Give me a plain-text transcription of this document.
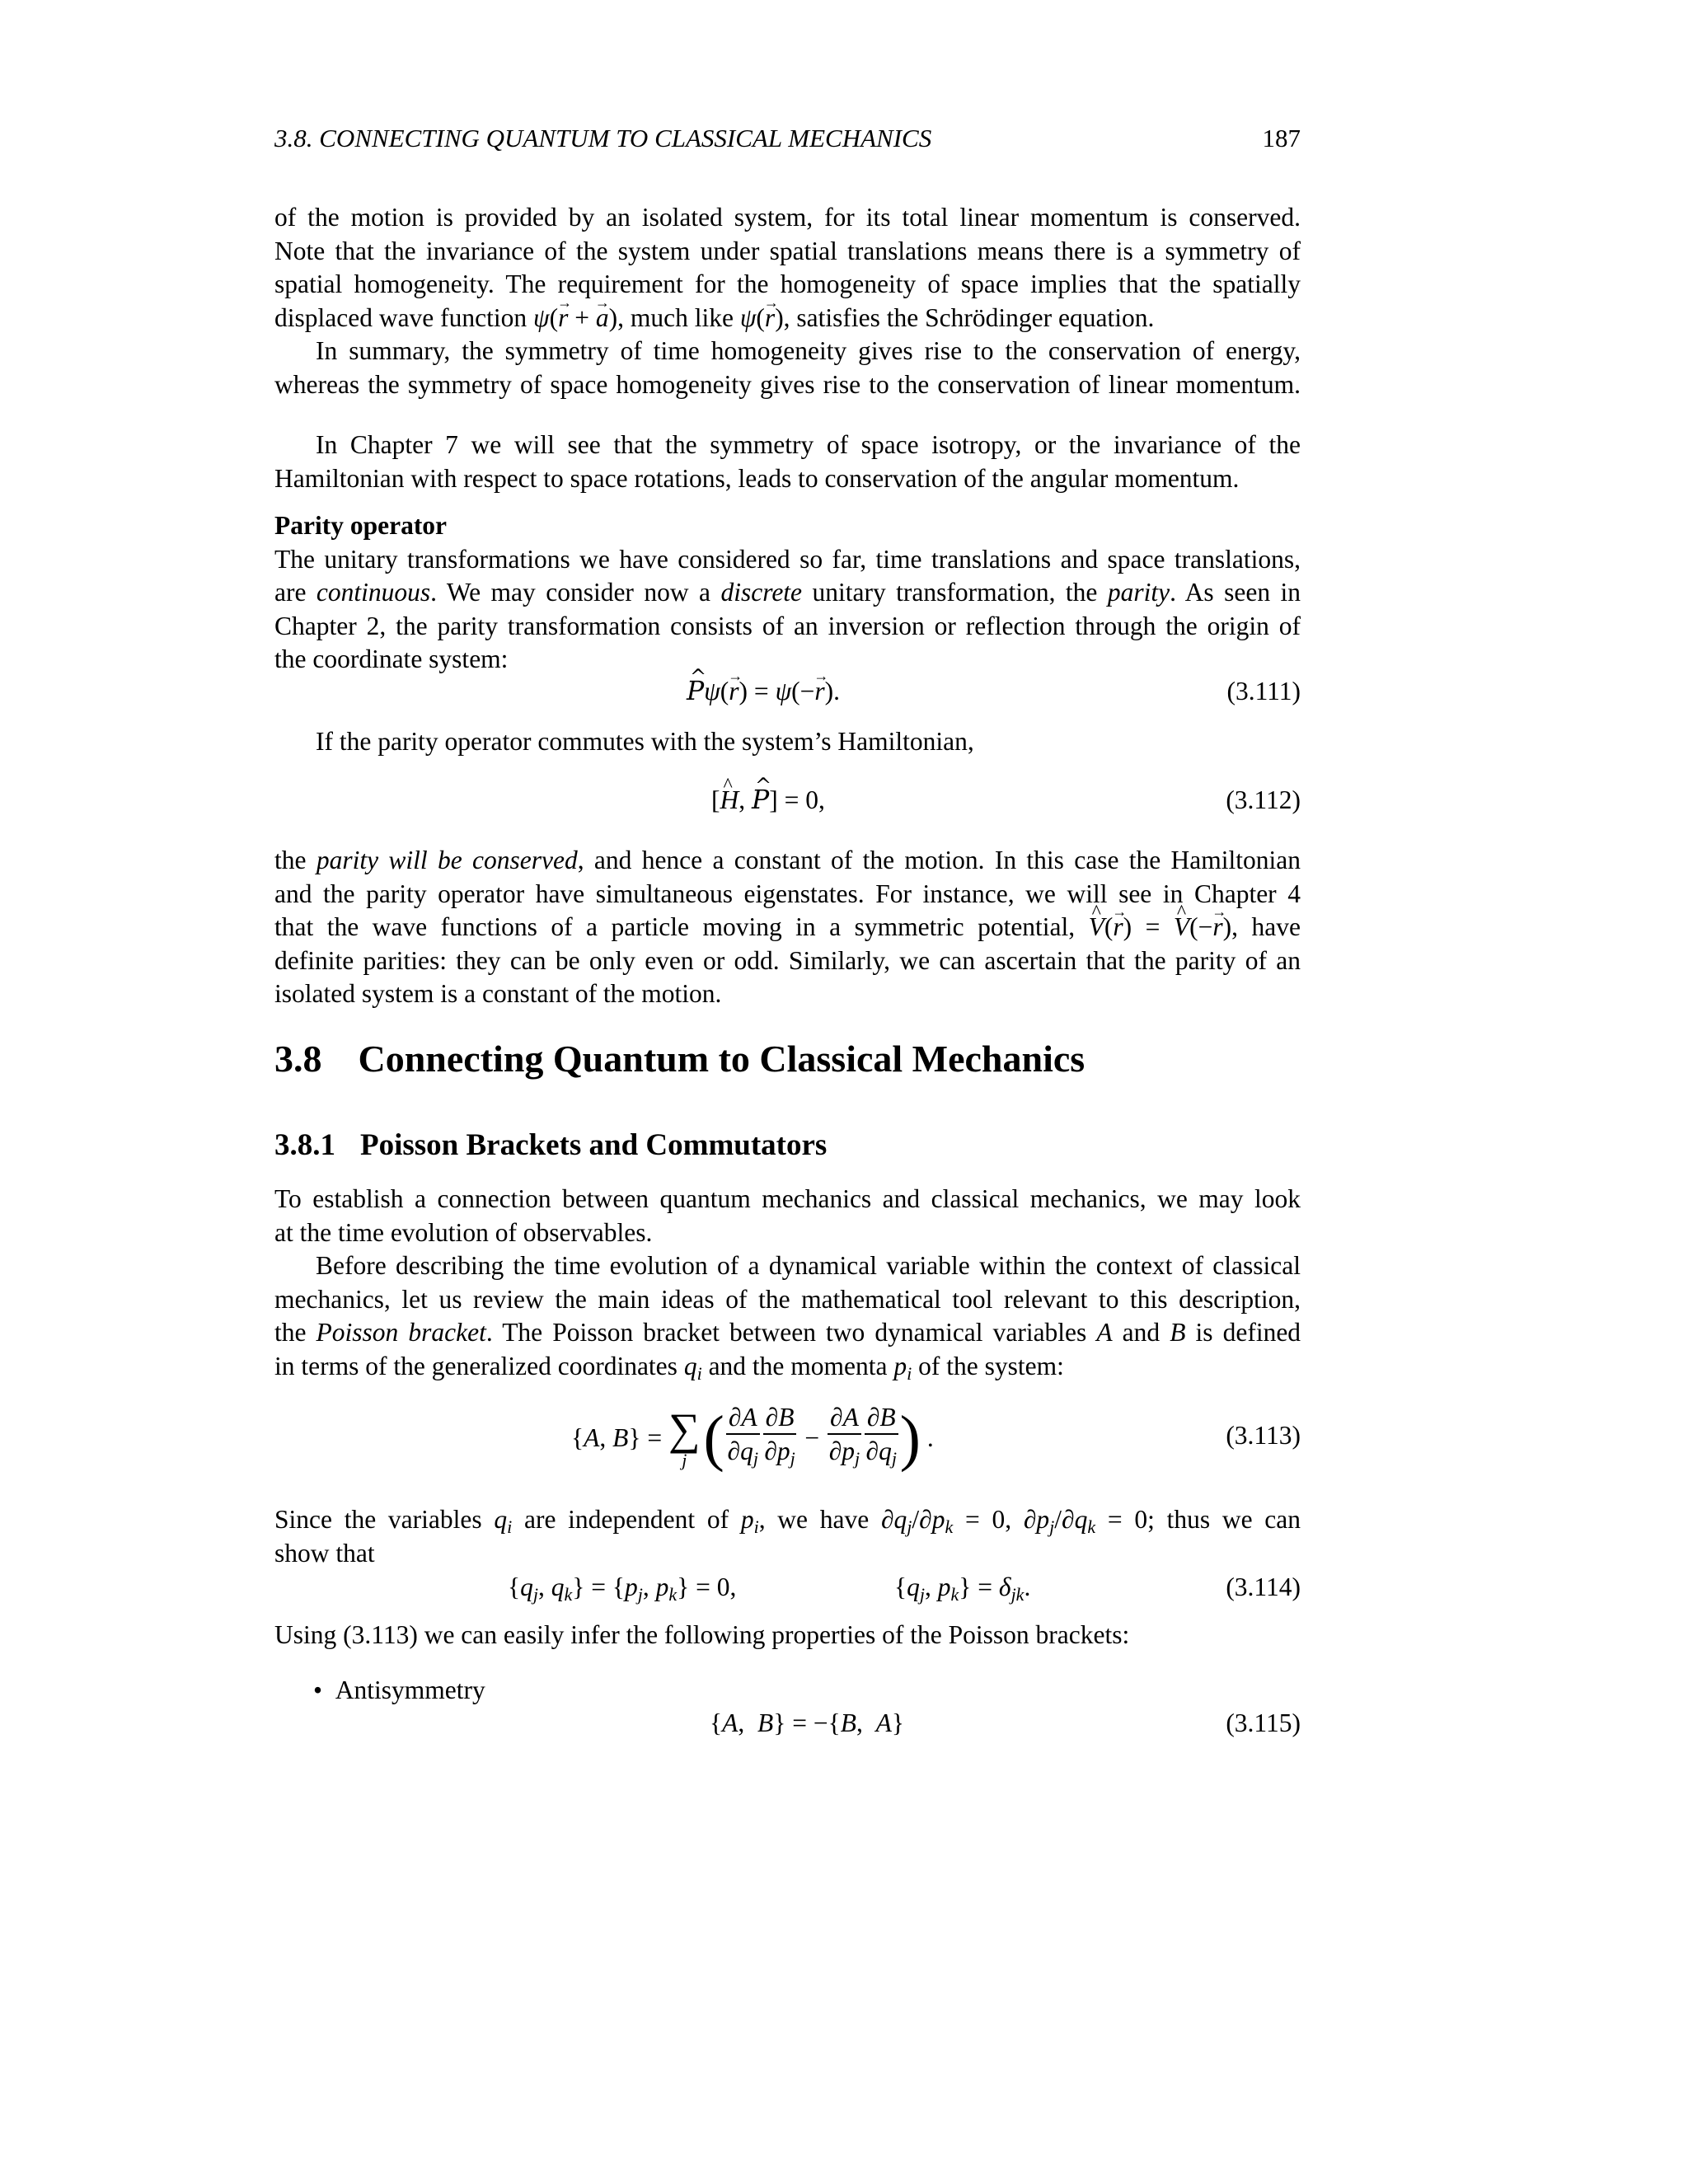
3.8. CONNECTING QUANTUM TO CLASSICAL MECHANICS	187
of the motion is provided by an isolated system, for its total linear momentum is conserved.
Note that the invariance of the system under spatial translations means there is a symmetry of
spatial homogeneity. The requirement for the homogeneity of space implies that the spatially
displaced wave function ψ(r → + a →), much like ψ(r →), satisfies the Schrödinger equation.
In summary, the symmetry of time homogeneity gives rise to the conservation of energy,
whereas the symmetry of space homogeneity gives rise to the conservation of linear momentum.
In Chapter 7 we will see that the symmetry of space isotropy, or the invariance of the
Hamiltonian with respect to space rotations, leads to conservation of the angular momentum.
Parity operator
The unitary transformations we have considered so far, time translations and space translations,
are continuous. We may consider now a discrete unitary transformation, the parity. As seen in
Chapter 2, the parity transformation consists of an inversion or reflection through the origin of
the coordinate system:
P ^ψ(r →) = ψ(−r →).	(3.111)
If the parity operator commutes with the system’s Hamiltonian,
[H ^, P ^] = 0,	(3.112)
the parity will be conserved, and hence a constant of the motion. In this case the Hamiltonian
and the parity operator have simultaneous eigenstates. For instance, we will see in Chapter 4
that the wave functions of a particle moving in a symmetric potential, V ^(r →) = V ^(−r →), have
definite parities: they can be only even or odd. Similarly, we can ascertain that the parity of an
isolated system is a constant of the motion.
3.8 Connecting Quantum to Classical Mechanics
3.8.1 Poisson Brackets and Commutators
To establish a connection between quantum mechanics and classical mechanics, we may look
at the time evolution of observables.
Before describing the time evolution of a dynamical variable within the context of classical
mechanics, let us review the main ideas of the mathematical tool relevant to this description,
the Poisson bracket. The Poisson bracket between two dynamical variables A and B is defined
in terms of the generalized coordinates $q_i$ and the momenta $p_i$ of the system:
{A, B} = ∑
j ( $\frac{\partial A}{\partial q_j} \frac{\partial B}{\partial p_j} - \frac{\partial A}{\partial p_j} \frac{\partial B}{\partial q_j}$ ) .	(3.113)
Since the variables $q_i$ are independent of $p_i$, we have $\partial q_j/\partial p_k = 0$, $\partial p_j/\partial q_k = 0$; thus we can
show that
{$q_j$, $q_k\} = \{p_j$, $p_k\} = 0$,	{$q_j$, $p_k\} = \delta_{jk}$.	(3.114)
Using (3.113) we can easily infer the following properties of the Poisson brackets:
• Antisymmetry
{A,  B} = −{B,  A}	(3.115)
